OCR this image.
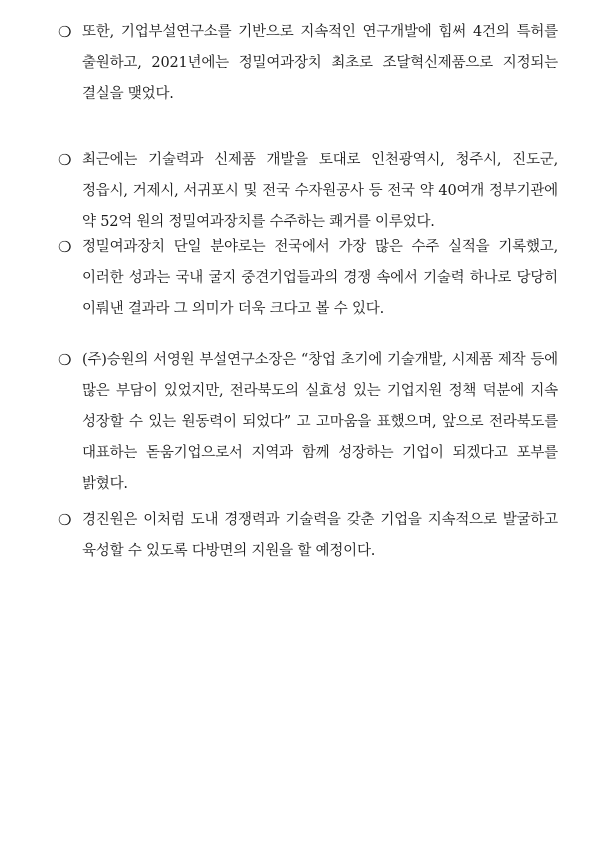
❍ 또한, 기업부설연구소를 기반으로 지속적인 연구개발에 힘써 4건의 특허를 출원하고, 2021년에는 정밀여과장치 최초로 조달혁신제품으로 지정되는 결실을 맺었다.
❍ 최근에는 기술력과 신제품 개발을 토대로 인천광역시, 청주시, 진도군, 정읍시, 거제시, 서귀포시 및 전국 수자원공사 등 전국 약 40여개 정부기관에 약 52억 원의 정밀여과장치를 수주하는 쾌거를 이루었다.
❍ 정밀여과장치 단일 분야로는 전국에서 가장 많은 수주 실적을 기록했고, 이러한 성과는 국내 굴지 중견기업들과의 경쟁 속에서 기술력 하나로 당당히 이뤄낸 결과라 그 의미가 더욱 크다고 볼 수 있다.
❍ (주)승원의 서영원 부설연구소장은 “창업 초기에 기술개발, 시제품 제작 등에 많은 부담이 있었지만, 전라북도의 실효성 있는 기업지원 정책 덕분에 지속 성장할 수 있는 원동력이 되었다” 고 고마움을 표했으며, 앞으로 전라북도를 대표하는 돋움기업으로서 지역과 함께 성장하는 기업이 되겠다고 포부를 밝혔다.
❍ 경진원은 이처럼 도내 경쟁력과 기술력을 갖춘 기업을 지속적으로 발굴하고 육성할 수 있도록 다방면의 지원을 할 예정이다.
